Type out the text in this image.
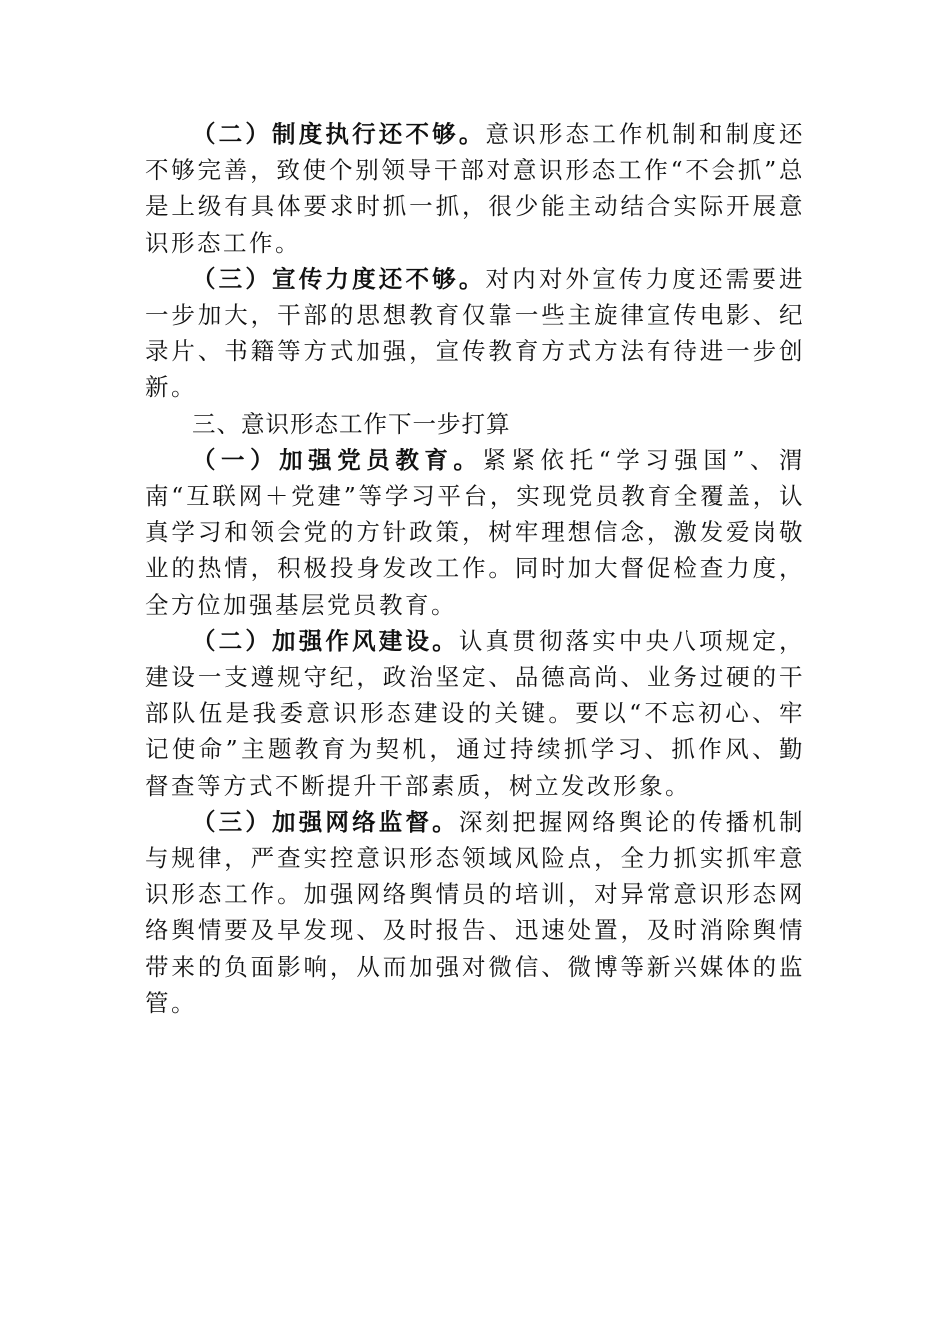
（二）制度执行还不够。意识形态工作机制和制度还不够完善，致使个别领导干部对意识形态工作“不会抓”总是上级有具体要求时抓一抓，很少能主动结合实际开展意识形态工作。

（三）宣传力度还不够。对内对外宣传力度还需要进一步加大，干部的思想教育仅靠一些主旋律宣传电影、纪录片、书籍等方式加强，宣传教育方式方法有待进一步创新。

三、意识形态工作下一步打算

（一）加强党员教育。紧紧依托“学习强国”、渭南“互联网＋党建”等学习平台，实现党员教育全覆盖，认真学习和领会党的方针政策，树牢理想信念，激发爱岗敬业的热情，积极投身发改工作。同时加大督促检查力度，全方位加强基层党员教育。

（二）加强作风建设。认真贯彻落实中央八项规定，建设一支遵规守纪，政治坚定、品德高尚、业务过硬的干部队伍是我委意识形态建设的关键。要以“不忘初心、牢记使命”主题教育为契机，通过持续抓学习、抓作风、勤督查等方式不断提升干部素质，树立发改形象。

（三）加强网络监督。深刻把握网络舆论的传播机制与规律，严查实控意识形态领域风险点，全力抓实抓牢意识形态工作。加强网络舆情员的培训，对异常意识形态网络舆情要及早发现、及时报告、迅速处置，及时消除舆情带来的负面影响，从而加强对微信、微博等新兴媒体的监管。
